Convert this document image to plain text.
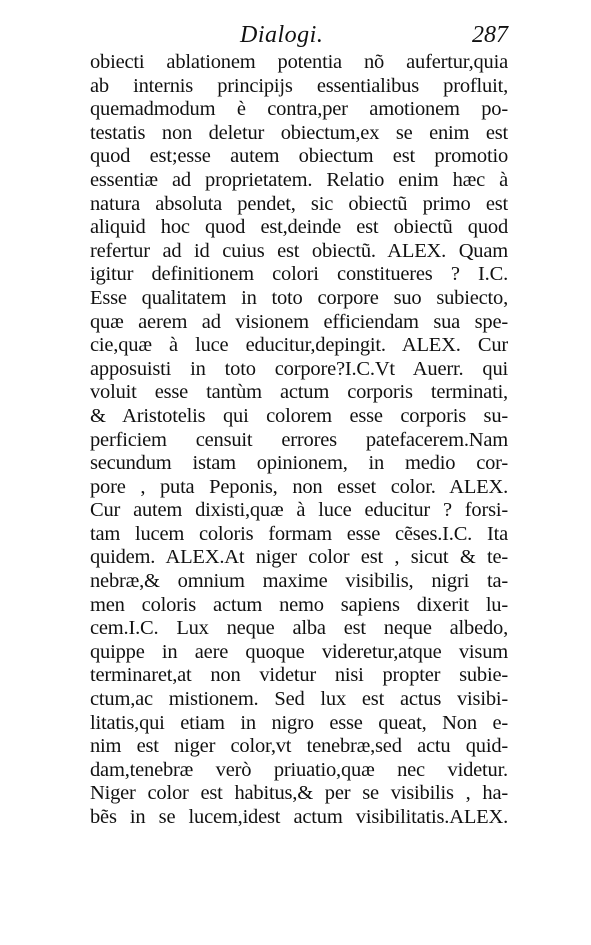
Dialogi.	287
obiecti ablationem potentia nõ aufertur,quia
ab internis principijs essentialibus profluit,
quemadmodum è contra,per amotionem po-
testatis non deletur obiectum,ex se enim est
quod est;esse autem obiectum est promotio
essentiæ ad proprietatem. Relatio enim hæc à
natura absoluta pendet, sic obiectũ primo est
aliquid hoc quod est,deinde est obiectũ quod
refertur ad id cuius est obiectũ. ALEX. Quam
igitur definitionem colori constitueres ? I.C.
Esse qualitatem in toto corpore suo subiecto,
quæ aerem ad visionem efficiendam sua spe-
cie,quæ à luce educitur,depingit. ALEX. Cur
apposuisti in toto corpore?I.C.Vt Auerr. qui
voluit esse tantùm actum corporis terminati,
& Aristotelis qui colorem esse corporis su-
perficiem censuit errores patefacerem.Nam
secundum istam opinionem, in medio cor-
pore , puta Peponis, non esset color. ALEX.
Cur autem dixisti,quæ à luce educitur ? forsi-
tam lucem coloris formam esse cẽses.I.C. Ita
quidem. ALEX.At niger color est , sicut & te-
nebræ,& omnium maxime visibilis, nigri ta-
men coloris actum nemo sapiens dixerit lu-
cem.I.C. Lux neque alba est neque albedo,
quippe in aere quoque videretur,atque visum
terminaret,at non videtur nisi propter subie-
ctum,ac mistionem. Sed lux est actus visibi-
litatis,qui etiam in nigro esse queat, Non e-
nim est niger color,vt tenebræ,sed actu quid-
dam,tenebræ verò priuatio,quæ nec videtur.
Niger color est habitus,& per se visibilis , ha-
bẽs in se lucem,idest actum visibilitatis.ALEX.
